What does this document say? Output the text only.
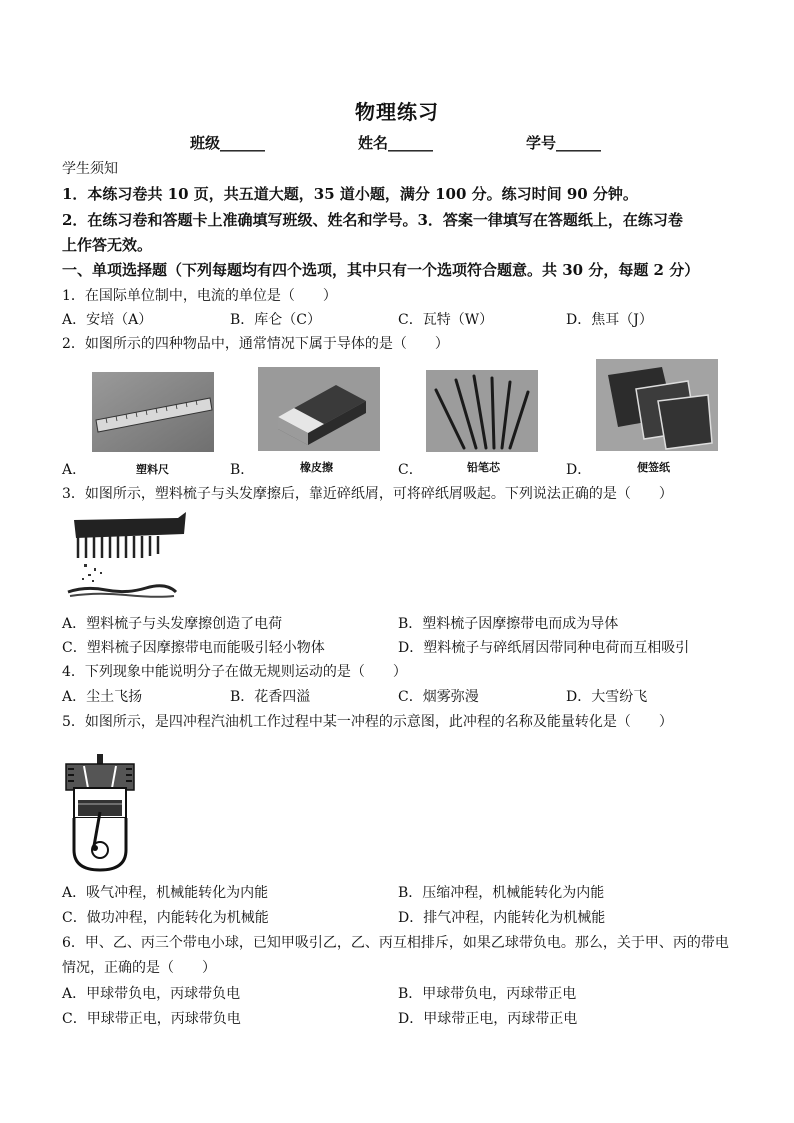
物理练习
班级______	姓名______	学号______
学生须知
1．本练习卷共 10 页，共五道大题，35 道小题，满分 100 分。练习时间 90 分钟。
2．在练习卷和答题卡上准确填写班级、姓名和学号。3．答案一律填写在答题纸上，在练习卷
上作答无效。
一、单项选择题（下列每题均有四个选项，其中只有一个选项符合题意。共 30 分，每题 2 分）
1．在国际单位制中，电流的单位是（　　）
A．安培（A）	B．库仑（C）	C．瓦特（W）	D．焦耳（J）
2．如图所示的四种物品中，通常情况下属于导体的是（　　）
A．	塑料尺	B．	橡皮擦	C．	铅笔芯	D．	便签纸
3．如图所示，塑料梳子与头发摩擦后，靠近碎纸屑，可将碎纸屑吸起。下列说法正确的是（　　）
A．塑料梳子与头发摩擦创造了电荷	B．塑料梳子因摩擦带电而成为导体
C．塑料梳子因摩擦带电而能吸引轻小物体	D．塑料梳子与碎纸屑因带同种电荷而互相吸引
4．下列现象中能说明分子在做无规则运动的是（　　）
A．尘土飞扬	B．花香四溢	C．烟雾弥漫	D．大雪纷飞
5．如图所示，是四冲程汽油机工作过程中某一冲程的示意图，此冲程的名称及能量转化是（　　）
A．吸气冲程，机械能转化为内能	B．压缩冲程，机械能转化为内能
C．做功冲程，内能转化为机械能	D．排气冲程，内能转化为机械能
6．甲、乙、丙三个带电小球，已知甲吸引乙，乙、丙互相排斥，如果乙球带负电。那么，关于甲、丙的带电
情况，正确的是（　　）
A．甲球带负电，丙球带负电	B．甲球带负电，丙球带正电
C．甲球带正电，丙球带负电	D．甲球带正电，丙球带正电
